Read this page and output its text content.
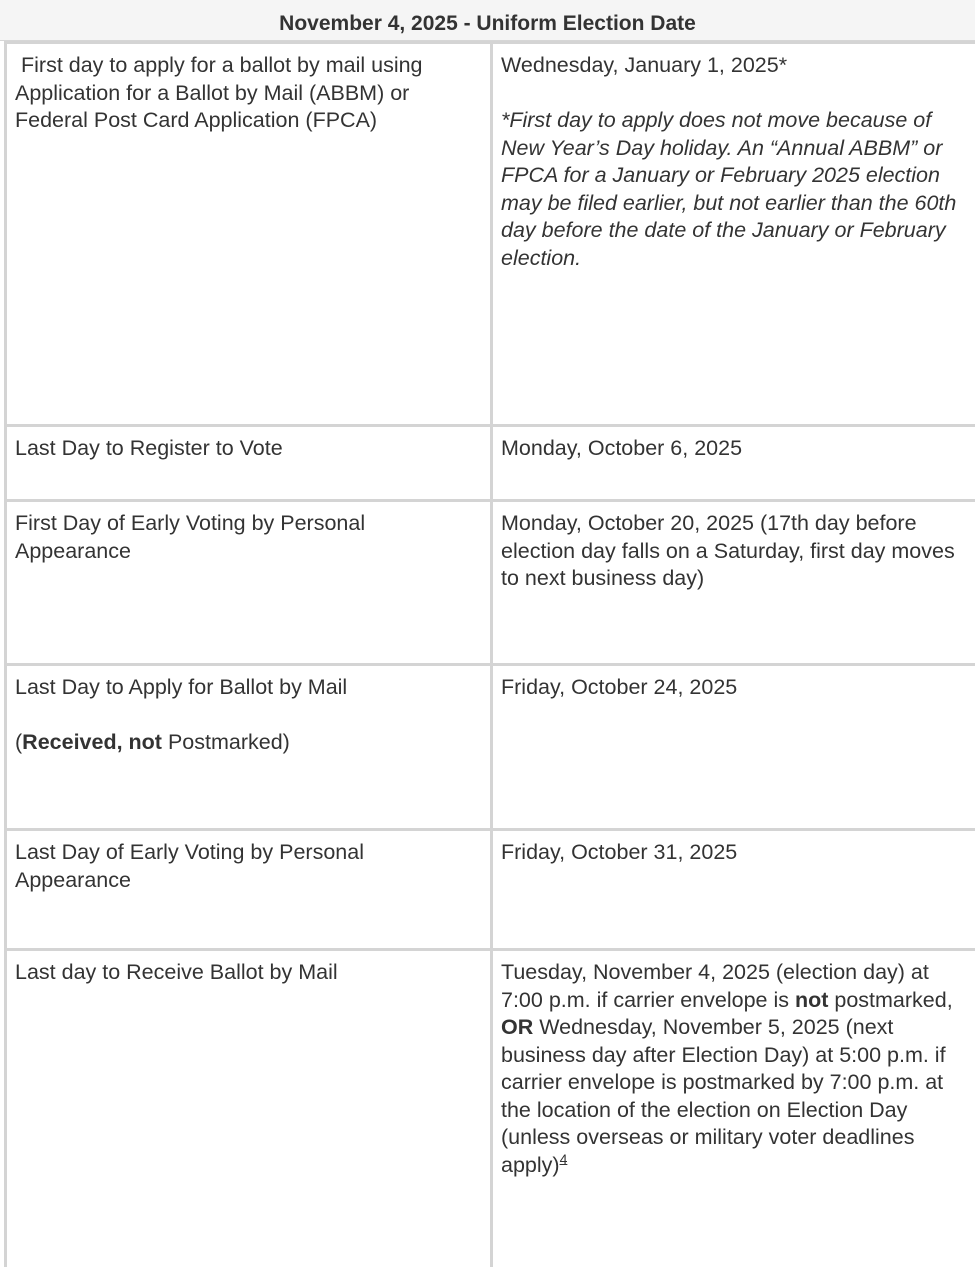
November 4, 2025 - Uniform Election Date
First day to apply for a ballot by mail using Application for a Ballot by Mail (ABBM) or Federal Post Card Application (FPCA)	Wednesday, January 1, 2025*
*First day to apply does not move because of New Year’s Day holiday. An “Annual ABBM” or FPCA for a January or February 2025 election may be filed earlier, but not earlier than the 60th day before the date of the January or February election.

Last Day to Register to Vote	Monday, October 6, 2025
First Day of Early Voting by Personal Appearance	Monday, October 20, 2025 (17th day before election day falls on a Saturday, first day moves to next business day)

Last Day to Apply for Ballot by Mail
(Received, not Postmarked)	Friday, October 24, 2025
Last Day of Early Voting by Personal Appearance	Friday, October 31, 2025
Last day to Receive Ballot by Mail	Tuesday, November 4, 2025 (election day) at 7:00 p.m. if carrier envelope is not postmarked, OR Wednesday, November 5, 2025 (next business day after Election Day) at 5:00 p.m. if carrier envelope is postmarked by 7:00 p.m. at the location of the election on Election Day (unless overseas or military voter deadlines apply)$^4$
